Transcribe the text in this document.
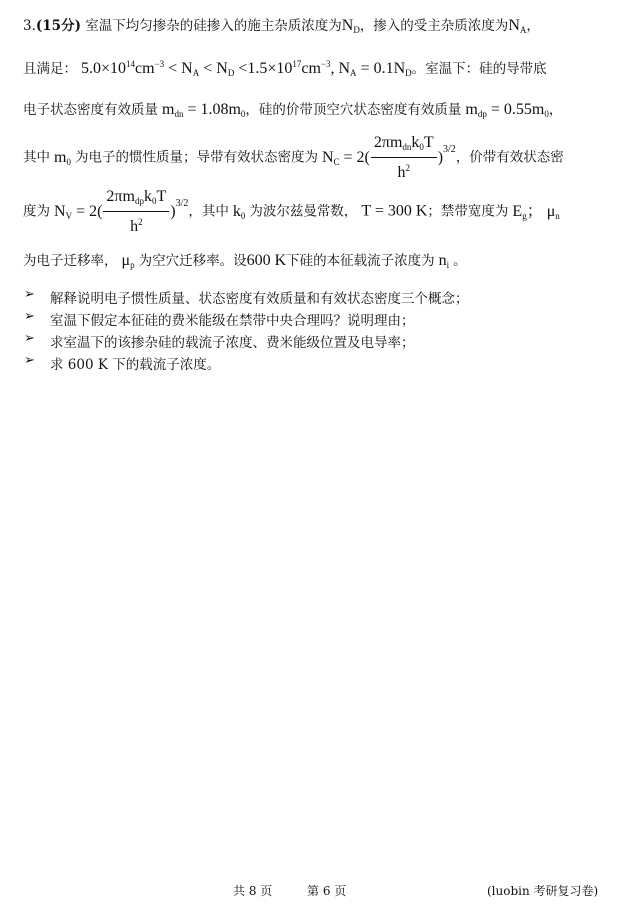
3.(15分) 室温下均匀掺杂的硅掺入的施主杂质浓度为$N_D$，掺入的受主杂质浓度为$N_A$，
且满足： $5.0\times 10^{14}cm^{-3} < N_A < N_D <1.5\times 10^{17}cm^{-3}$, $N_A = 0.1N_D$。室温下：硅的导带底
电子状态密度有效质量 $m_{dn} = 1.08m_0$，硅的价带顶空穴状态密度有效质量 $m_{dp} = 0.55m_0$，
其中 $m_0$ 为电子的惯性质量；导带有效状态密度为 $N_C = 2( \frac{2\pi m_{dn}k_0T}{h^2} )^{3/2}$，价带有效状态密
度为 $N_V = 2( \frac{2\pi m_{dp}k_0T}{h^2} )^{3/2}$，其中 $k_0$ 为波尔兹曼常数， T = 300 K；禁带宽度为 $E_g$； $\mu_n$
为电子迁移率， $\mu_p$ 为空穴迁移率。设600 K下硅的本征载流子浓度为 $n_i$ 。
➢ 解释说明电子惯性质量、状态密度有效质量和有效状态密度三个概念；
➢ 室温下假定本征硅的费米能级在禁带中央合理吗？说明理由；
➢ 求室温下的该掺杂硅的载流子浓度、费米能级位置及电导率；
➢ 求 600 K 下的载流子浓度。
共 8 页	第 6 页	(luobin 考研复习卷)
